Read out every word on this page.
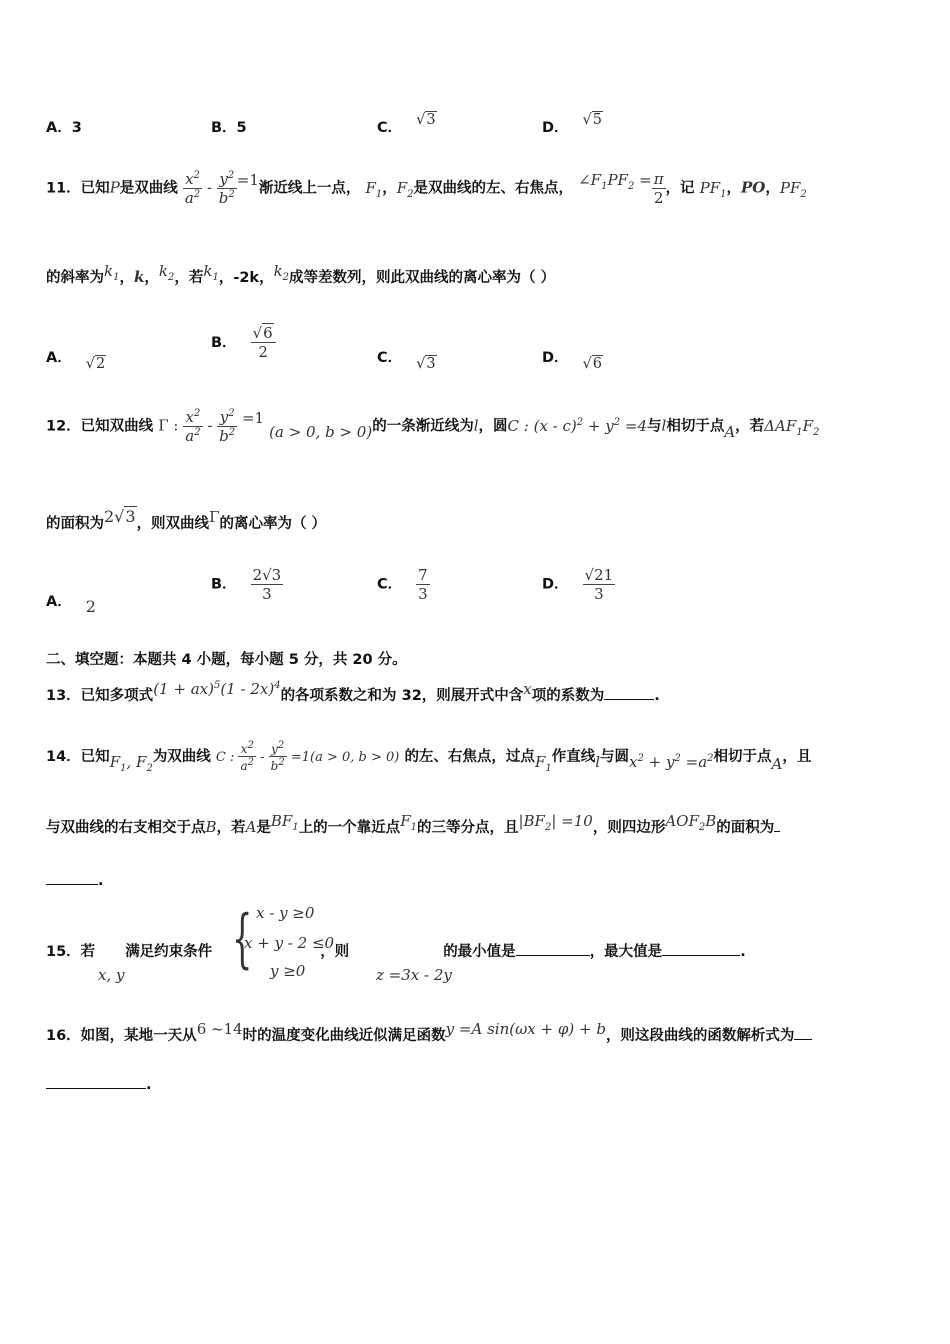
A．3	B．5	C． √3	D． √5
11．已知P是双曲线 $\frac{x^2}{a^2} - \frac{y^2}{b^2} =1$渐近线上一点， $F_1$，$F_2$是双曲线的左、右焦点， $\angle F_1PF_2 = \frac{\pi}{2}$ ，记 $PF_1$，PO，$PF_2$
的斜率为$k_1$，k，$k_2$，若$k_1$，-2k，$k_2$成等差数列，则此双曲线的离心率为（ ）
A． √2
B． $\frac{√6}{2}$	C． √3	D． √6
12．已知双曲线 Γ : $\frac{x^2}{a^2} - \frac{y^2}{b^2} =1$ (a > 0, b > 0)的一条渐近线为l，圆C : $(x - c)^2 + y^2 =4$与l相切于点A，若$\Delta AF_1F_2$
的面积为2√3，则双曲线Γ的离心率为（ ）
A． 2
B． $\frac{2√3}{3}$	C． $\frac{7}{3}$	D． $\frac{√21}{3}$
二、填空题：本题共 4 小题，每小题 5 分，共 20 分。
13．已知多项式(1 + ax)$^5$(1 - 2x)$^4$的各项系数之和为 32，则展开式中含x项的系数为	.
14．已知$F_1$, $F_2$为双曲线 C : $\frac{x^2}{a^2} - \frac{y^2}{b^2} =1(a > 0$, b > 0) 的左、右焦点，过点$F_1$作直线l与圆$x^2 + y^2 =a^2$相切于点A，且
与双曲线的右支相交于点B，若A是$BF_1$上的一个靠近点$F_1$的三等分点，且$|BF_2| =10$，则四边形$AOF_2B$的面积为
.
15．若 满足约束条件	，则	的最小值是	，最大值是	.
x, y { x - y ≥0
x + y - 2 ≤0
y ≥0	z =3x - 2y
16．如图，某地一天从6 ~14时的温度变化曲线近似满足函数y =A sin(ωx + φ) + b，则这段曲线的函数解析式为
.
